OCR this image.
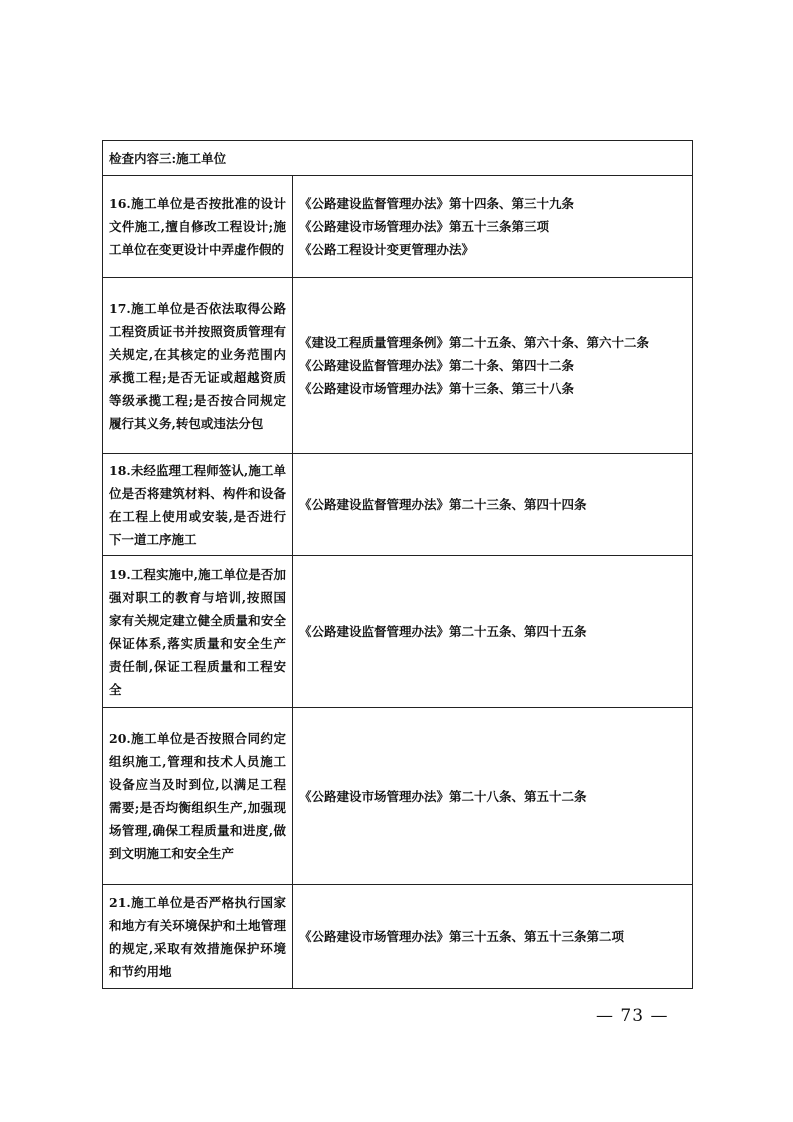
检查内容三:施工单位	
16.施工单位是否按批准的设计文件施工,擅自修改工程设计;施工单位在变更设计中弄虚作假的	《公路建设监督管理办法》第十四条、第三十九条
《公路建设市场管理办法》第五十三条第三项
《公路工程设计变更管理办法》

17.施工单位是否依法取得公路工程资质证书并按照资质管理有关规定,在其核定的业务范围内承揽工程;是否无证或超越资质等级承揽工程;是否按合同规定履行其义务,转包或违法分包	《建设工程质量管理条例》第二十五条、第六十条、第六十二条
《公路建设监督管理办法》第二十条、第四十二条
《公路建设市场管理办法》第十三条、第三十八条

18.未经监理工程师签认,施工单位是否将建筑材料、构件和设备在工程上使用或安装,是否进行下一道工序施工	《公路建设监督管理办法》第二十三条、第四十四条

19.工程实施中,施工单位是否加强对职工的教育与培训,按照国家有关规定建立健全质量和安全保证体系,落实质量和安全生产责任制,保证工程质量和工程安全	《公路建设监督管理办法》第二十五条、第四十五条

20.施工单位是否按照合同约定组织施工,管理和技术人员施工设备应当及时到位,以满足工程需要;是否均衡组织生产,加强现场管理,确保工程质量和进度,做到文明施工和安全生产	《公路建设市场管理办法》第二十八条、第五十二条

21.施工单位是否严格执行国家和地方有关环境保护和土地管理的规定,采取有效措施保护环境和节约用地	《公路建设市场管理办法》第三十五条、第五十三条第二项
— 73 —
